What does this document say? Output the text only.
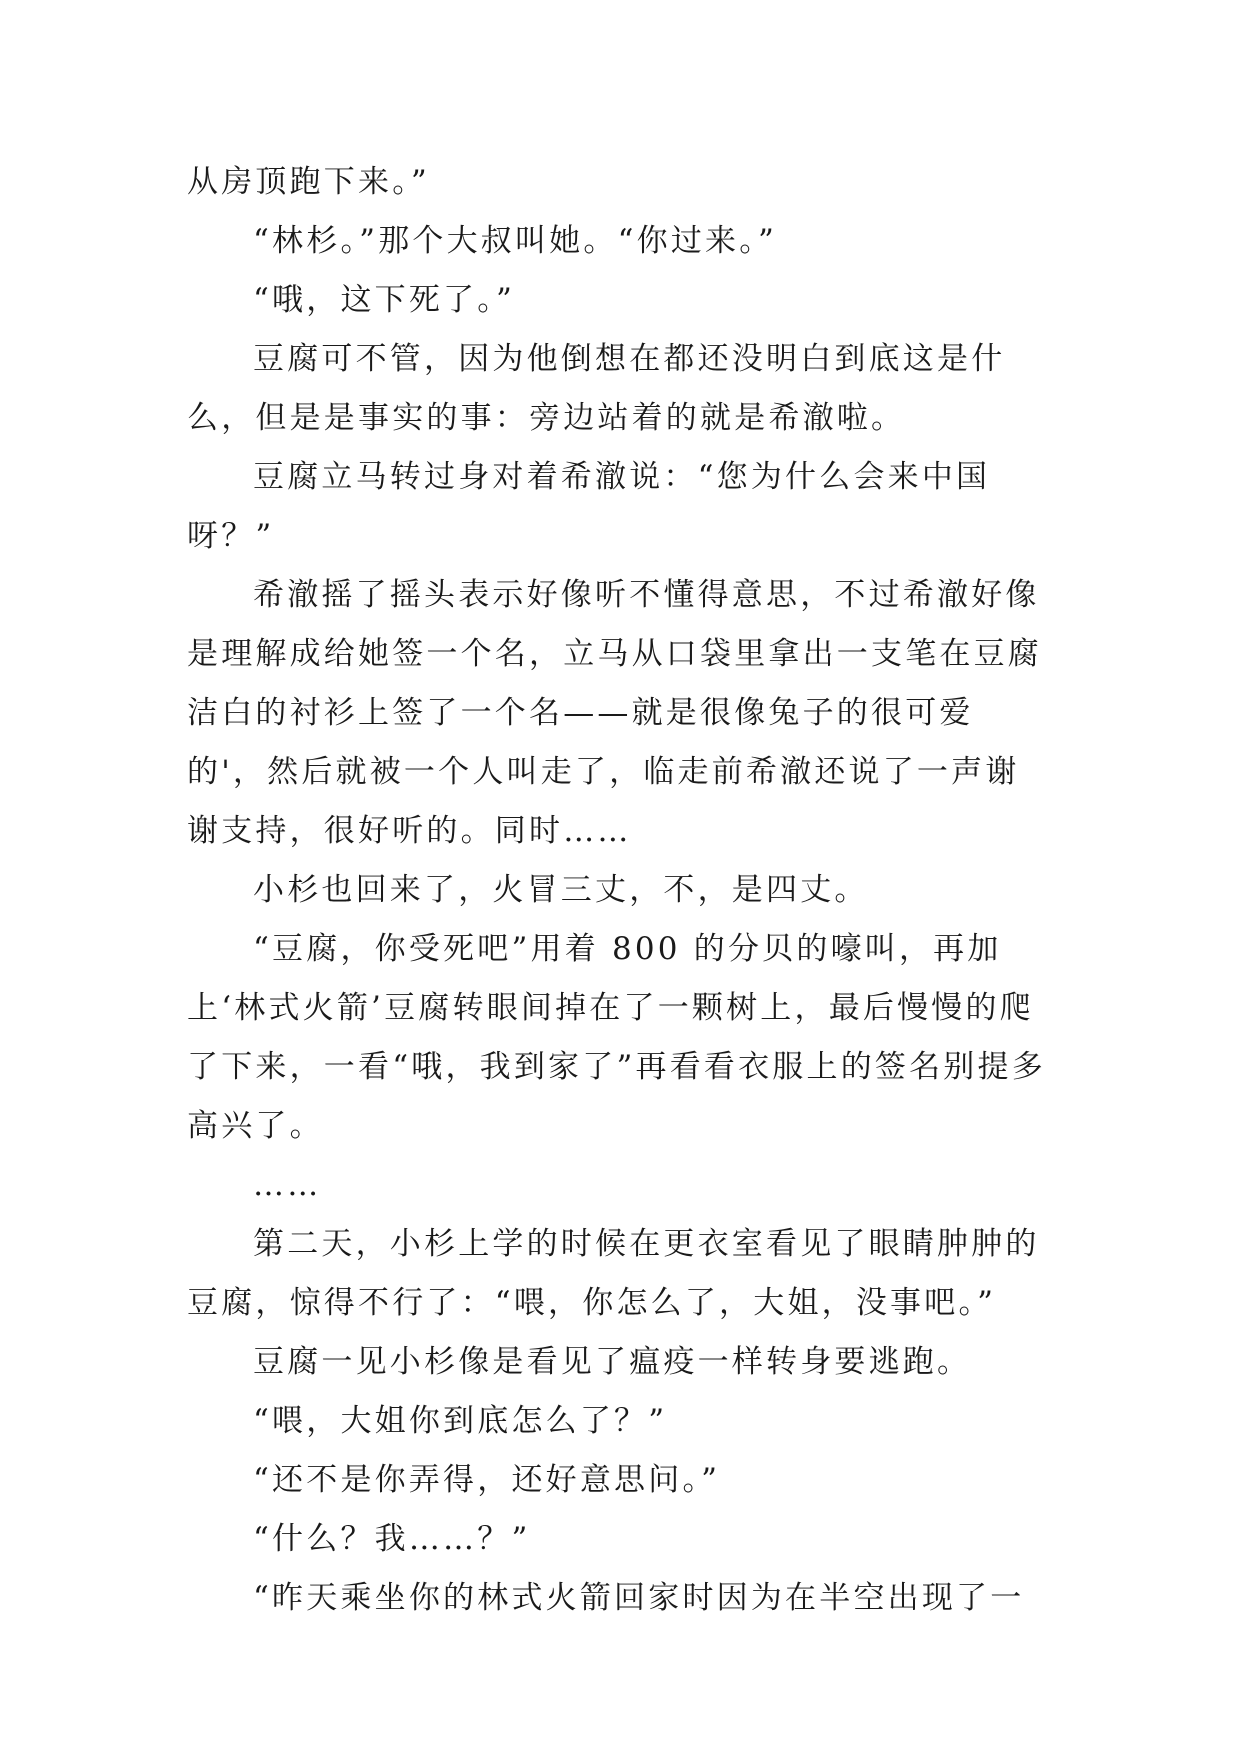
从房顶跑下来。”

“林杉。”那个大叔叫她。“你过来。”

“哦，这下死了。”

豆腐可不管，因为他倒想在都还没明白到底这是什么，但是是事实的事：旁边站着的就是希澈啦。

豆腐立马转过身对着希澈说：“您为什么会来中国呀？”

希澈摇了摇头表示好像听不懂得意思，不过希澈好像是理解成给她签一个名，立马从口袋里拿出一支笔在豆腐洁白的衬衫上签了一个名——就是很像兔子的很可爱的'，然后就被一个人叫走了，临走前希澈还说了一声谢谢支持，很好听的。同时……

小杉也回来了，火冒三丈，不，是四丈。

“豆腐，你受死吧”用着 800 的分贝的嚎叫，再加上‘林式火箭’豆腐转眼间掉在了一颗树上，最后慢慢的爬了下来，一看“哦，我到家了”再看看衣服上的签名别提多高兴了。

……

第二天，小杉上学的时候在更衣室看见了眼睛肿肿的豆腐，惊得不行了：“喂，你怎么了，大姐，没事吧。”

豆腐一见小杉像是看见了瘟疫一样转身要逃跑。

“喂，大姐你到底怎么了？”

“还不是你弄得，还好意思问。”

“什么？我……？”

“昨天乘坐你的林式火箭回家时因为在半空出现了一
